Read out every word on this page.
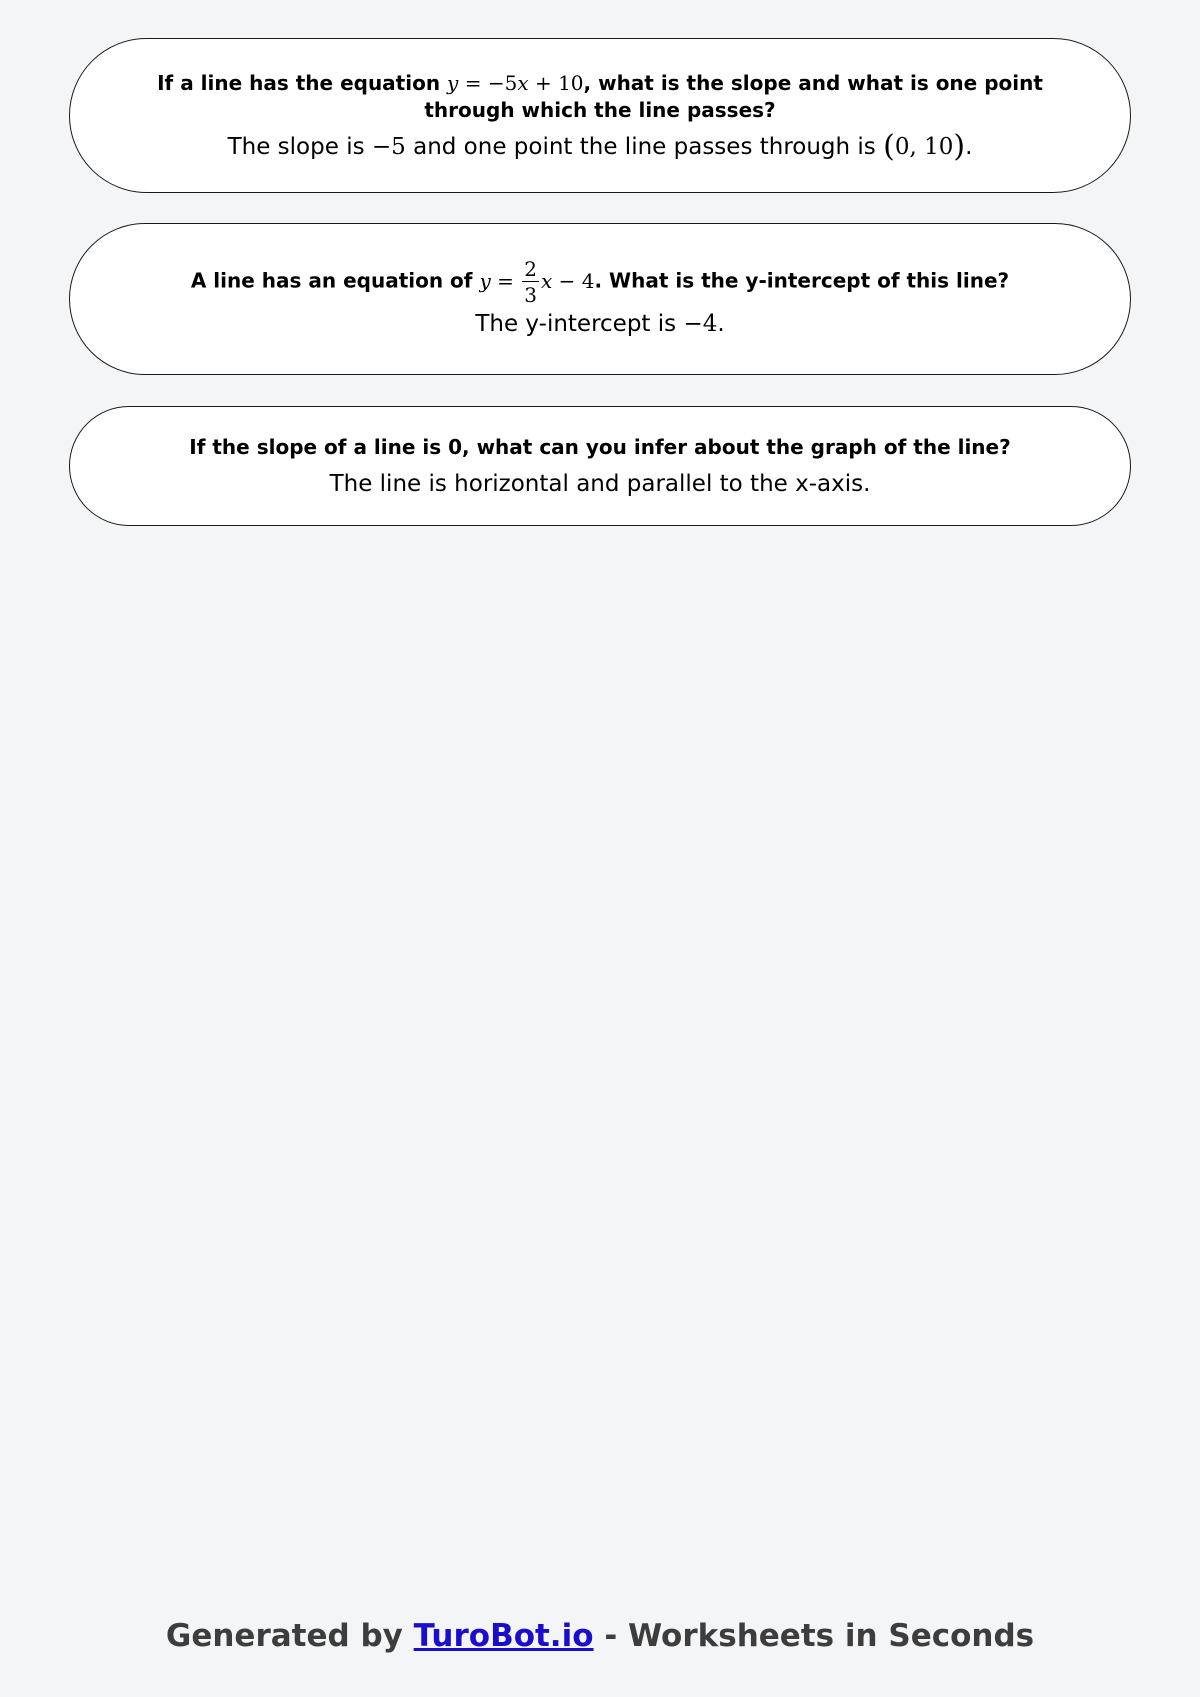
If a line has the equation y = −5x + 10, what is the slope and what is one point through which the line passes?
The slope is −5 and one point the line passes through is (0, 10).
A line has an equation of $y = \frac{2}{3}$ x − 4. What is the y-intercept of this line?
The y-intercept is −4.
If the slope of a line is 0, what can you infer about the graph of the line?
The line is horizontal and parallel to the x-axis.
Generated by TuroBot.io - Worksheets in Seconds
